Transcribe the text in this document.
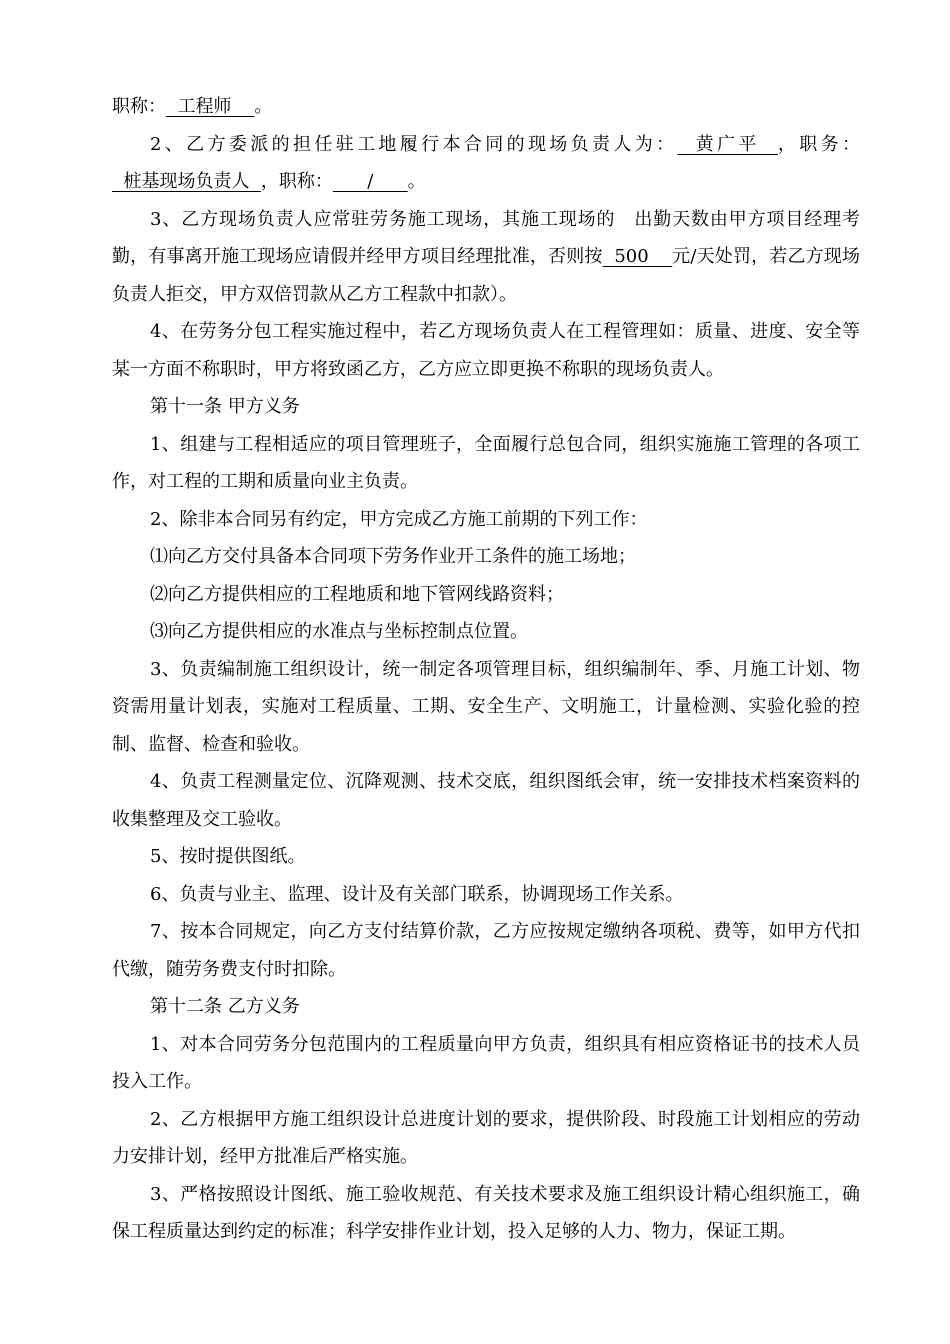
职称： 工程师 。

2、乙方委派的担任驻工地履行本合同的现场负责人为： 黄广平 ，职务：  桩基现场负责人 ，职称： / 。

3、乙方现场负责人应常驻劳务施工现场，其施工现场的　出勤天数由甲方项目经理考勤，有事离开施工现场应请假并经甲方项目经理批准，否则按 500 元/天处罚，若乙方现场负责人拒交，甲方双倍罚款从乙方工程款中扣款）。

4、在劳务分包工程实施过程中，若乙方现场负责人在工程管理如：质量、进度、安全等某一方面不称职时，甲方将致函乙方，乙方应立即更换不称职的现场负责人。

第十一条 甲方义务

1、组建与工程相适应的项目管理班子，全面履行总包合同，组织实施施工管理的各项工作，对工程的工期和质量向业主负责。

2、除非本合同另有约定，甲方完成乙方施工前期的下列工作：

⑴向乙方交付具备本合同项下劳务作业开工条件的施工场地；

⑵向乙方提供相应的工程地质和地下管网线路资料；

⑶向乙方提供相应的水准点与坐标控制点位置。

3、负责编制施工组织设计，统一制定各项管理目标，组织编制年、季、月施工计划、物资需用量计划表，实施对工程质量、工期、安全生产、文明施工，计量检测、实验化验的控制、监督、检查和验收。

4、负责工程测量定位、沉降观测、技术交底，组织图纸会审，统一安排技术档案资料的收集整理及交工验收。

5、按时提供图纸。

6、负责与业主、监理、设计及有关部门联系，协调现场工作关系。

7、按本合同规定，向乙方支付结算价款，乙方应按规定缴纳各项税、费等，如甲方代扣代缴，随劳务费支付时扣除。

第十二条 乙方义务

1、对本合同劳务分包范围内的工程质量向甲方负责，组织具有相应资格证书的技术人员投入工作。

2、乙方根据甲方施工组织设计总进度计划的要求，提供阶段、时段施工计划相应的劳动力安排计划，经甲方批准后严格实施。

3、严格按照设计图纸、施工验收规范、有关技术要求及施工组织设计精心组织施工，确保工程质量达到约定的标准；科学安排作业计划，投入足够的人力、物力，保证工期。
